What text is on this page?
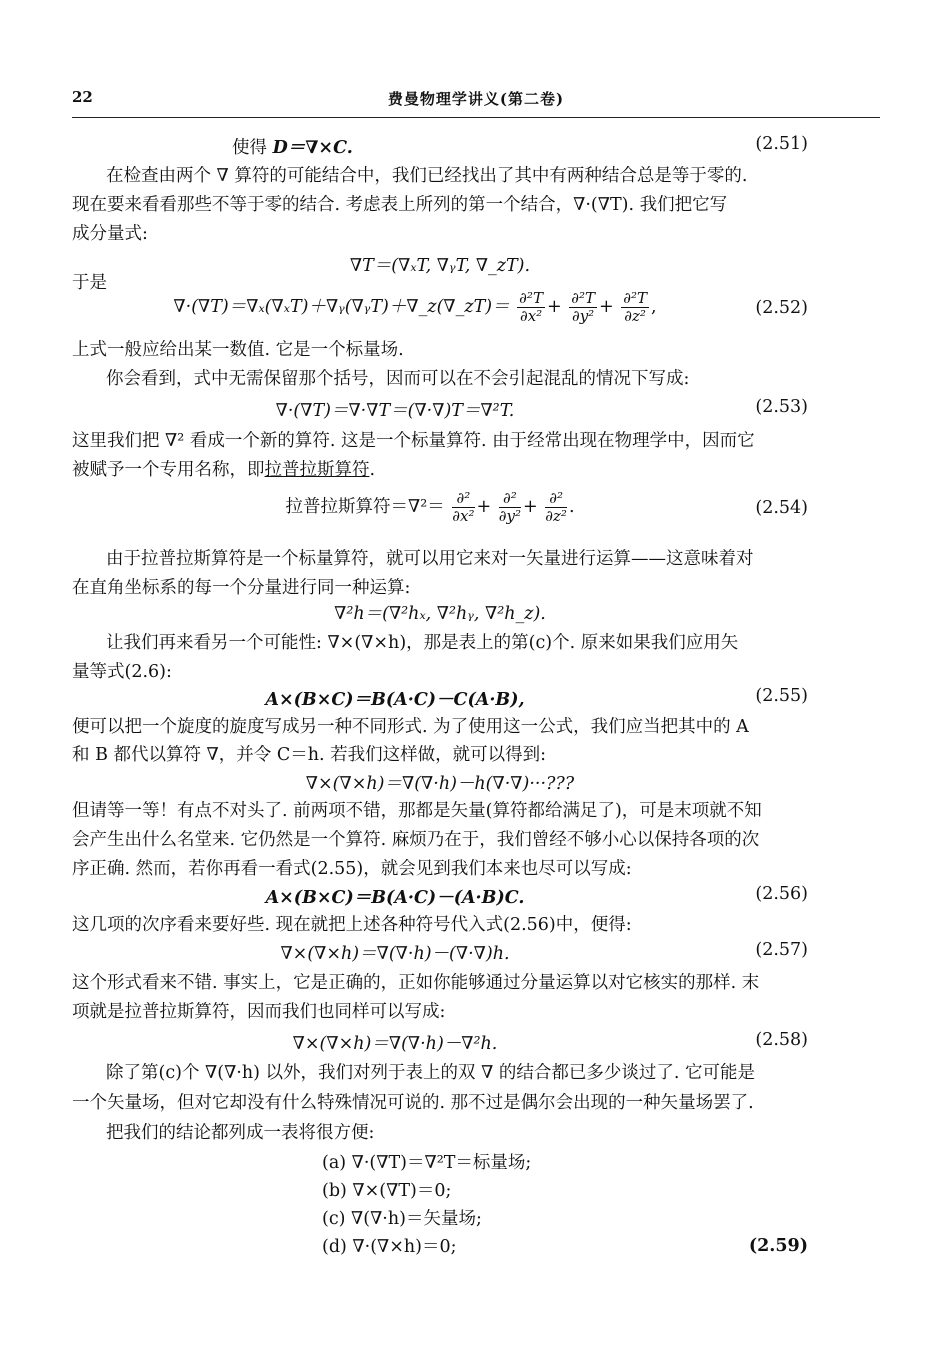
22	费曼物理学讲义(第二卷)
使得 D＝∇×C.	(2.51)
在检查由两个 ∇ 算符的可能结合中，我们已经找出了其中有两种结合总是等于零的.
现在要来看看那些不等于零的结合. 考虑表上所列的第一个结合，∇·(∇T). 我们把它写
成分量式:
∇T＝(∇ₓT, ∇ᵧT, ∇_zT).
于是
∇·(∇T)＝∇ₓ(∇ₓT)＋∇ᵧ(∇ᵧT)＋∇_z(∇_zT)＝ $\frac{\text{∂²T}}{\text{∂x²}} + \frac{\text{∂²T}}{\text{∂y²}} + \frac{\text{∂²T}}{\text{∂z²}}$ ,	(2.52)
上式一般应给出某一数值. 它是一个标量场.
你会看到，式中无需保留那个括号，因而可以在不会引起混乱的情况下写成:
∇·(∇T)＝∇·∇T＝(∇·∇)T＝∇²T.	(2.53)
这里我们把 ∇² 看成一个新的算符. 这是一个标量算符. 由于经常出现在物理学中，因而它
被赋予一个专用名称，即拉普拉斯算符.
拉普拉斯算符$=\nabla^2= \frac{\text{∂²}}{\text{∂x²}} + \frac{\text{∂²}}{\text{∂y²}} + \frac{\text{∂²}}{\text{∂z²}}$ .	(2.54)
由于拉普拉斯算符是一个标量算符，就可以用它来对一矢量进行运算——这意味着对
在直角坐标系的每一个分量进行同一种运算:
∇²h＝(∇²hₓ, ∇²hᵧ, ∇²h_z).
让我们再来看另一个可能性: ∇×(∇×h)，那是表上的第(c)个. 原来如果我们应用矢
量等式(2.6):
A×(B×C)＝B(A·C)－C(A·B),	(2.55)
便可以把一个旋度的旋度写成另一种不同形式. 为了使用这一公式，我们应当把其中的 A
和 B 都代以算符 ∇，并令 C＝h. 若我们这样做，就可以得到:
∇×(∇×h)＝∇(∇·h)－h(∇·∇)···???
但请等一等！有点不对头了. 前两项不错，那都是矢量(算符都给满足了)，可是末项就不知
会产生出什么名堂来. 它仍然是一个算符. 麻烦乃在于，我们曾经不够小心以保持各项的次
序正确. 然而，若你再看一看式(2.55)，就会见到我们本来也尽可以写成:
A×(B×C)＝B(A·C)－(A·B)C.	(2.56)
这几项的次序看来要好些. 现在就把上述各种符号代入式(2.56)中，便得:
∇×(∇×h)＝∇(∇·h)－(∇·∇)h.	(2.57)
这个形式看来不错. 事实上，它是正确的，正如你能够通过分量运算以对它核实的那样. 末
项就是拉普拉斯算符，因而我们也同样可以写成:
∇×(∇×h)＝∇(∇·h)－∇²h.	(2.58)
除了第(c)个 ∇(∇·h) 以外，我们对列于表上的双 ∇ 的结合都已多少谈过了. 它可能是
一个矢量场，但对它却没有什么特殊情况可说的. 那不过是偶尔会出现的一种矢量场罢了.
把我们的结论都列成一表将很方便:
(a) ∇·(∇T)＝∇²T＝标量场;
(b) ∇×(∇T)＝0;
(c) ∇(∇·h)＝矢量场;
(d) ∇·(∇×h)＝0;	(2.59)
